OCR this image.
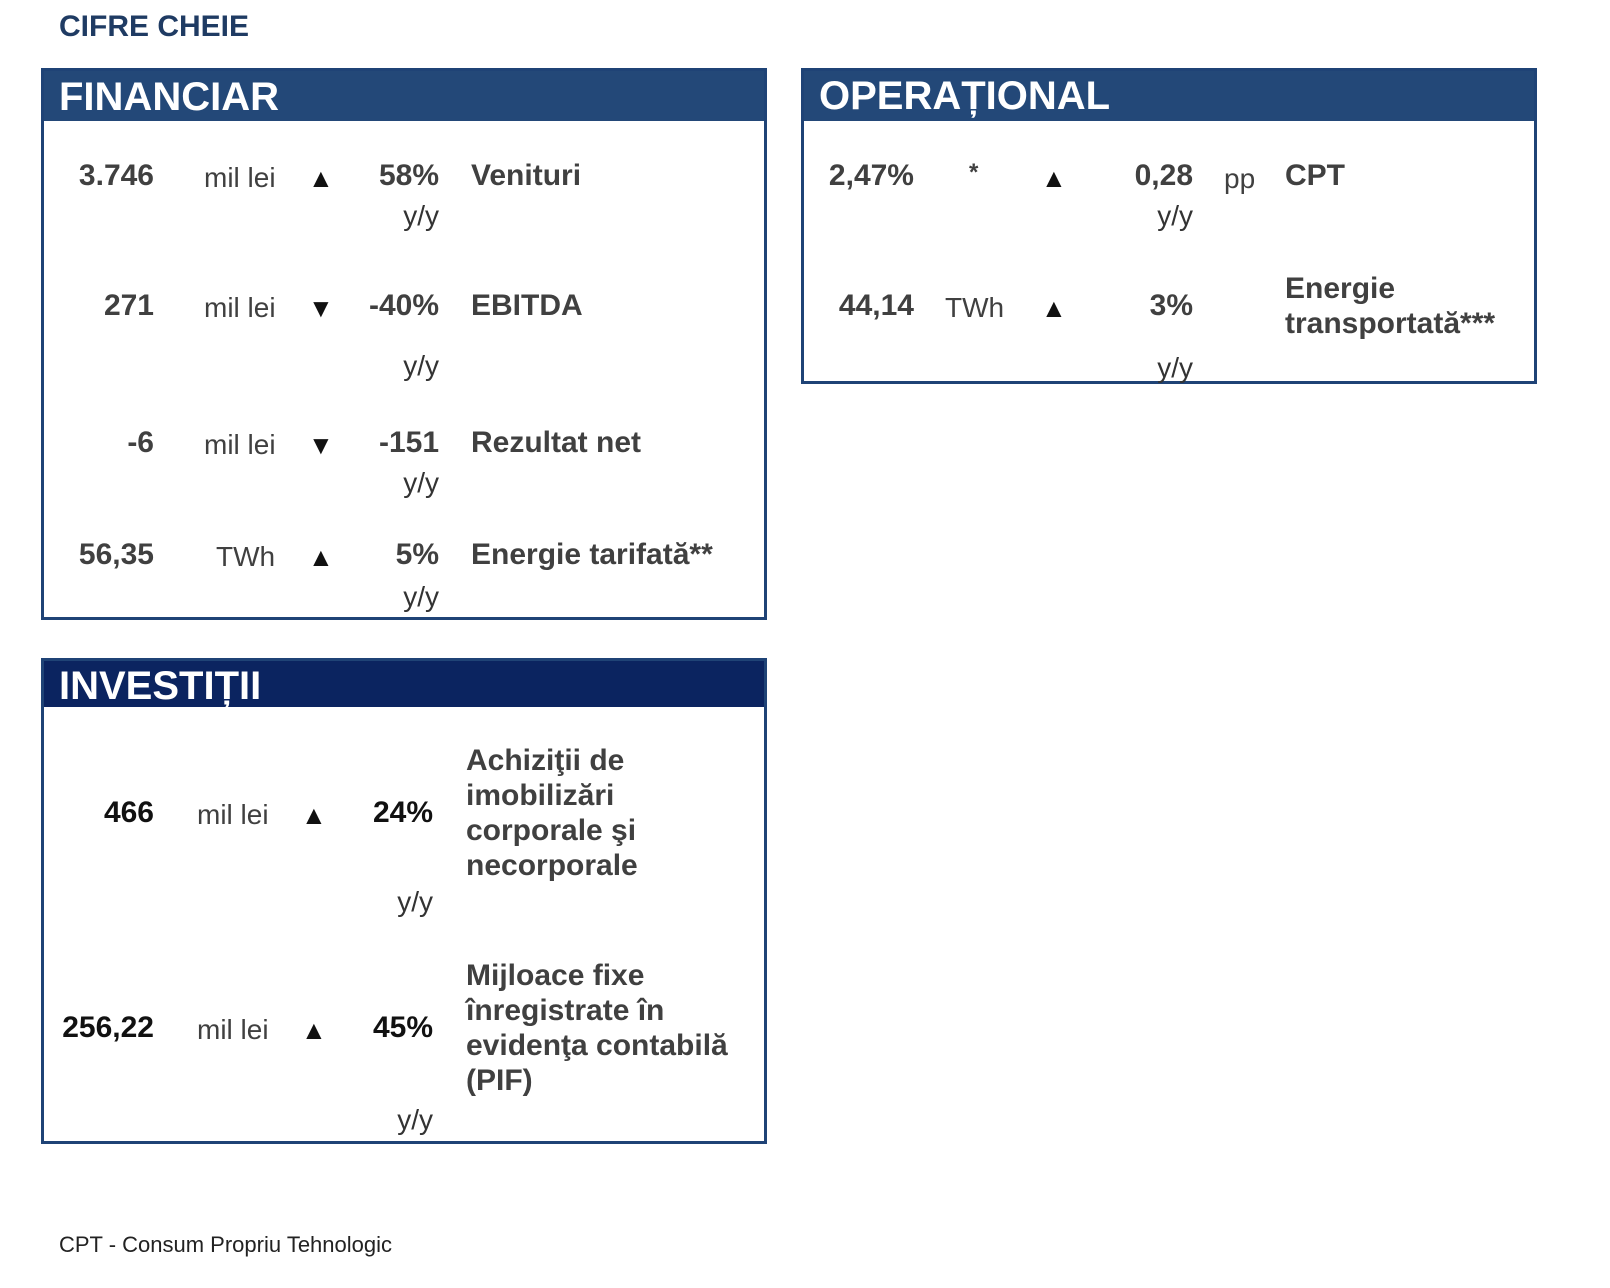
CIFRE CHEIE
FINANCIAR
3.746 mil lei ▲ 58%
y/y
Venituri
271 mil lei ▼ -40%
y/y
EBITDA
-6 mil lei ▼ -151
y/y
Rezultat net
56,35 TWh ▲ 5%
y/y
Energie tarifată**
OPERAȚIONAL
2,47% * ▲ 0,28 pp
y/y
CPT
44,14 TWh ▲	3%
y/y
Energie
transportată***
INVESTIȚII
466 mil lei ▲ 24%
y/y
Achiziţii de
imobilizări
corporale şi
necorporale
256,22 mil lei ▲ 45%
y/y
Mijloace fixe
înregistrate în
evidenţa contabilă
(PIF)
CPT - Consum Propriu Tehnologic
